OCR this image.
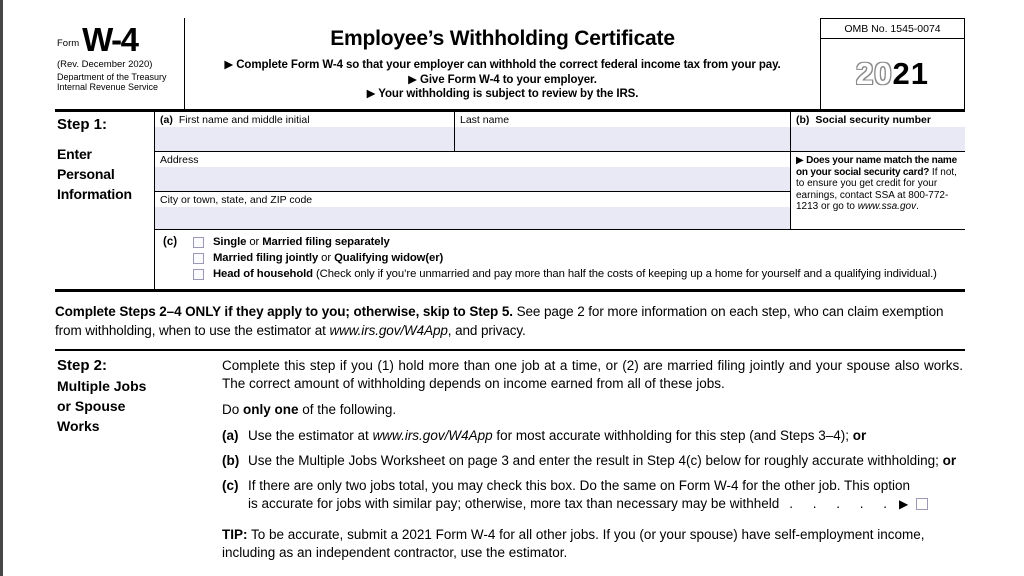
Form W-4
(Rev. December 2020)
Department of the Treasury
Internal Revenue Service
Employee’s Withholding Certificate
▶ Complete Form W-4 so that your employer can withhold the correct federal income tax from your pay.
▶ Give Form W-4 to your employer.
▶ Your withholding is subject to review by the IRS.
OMB No. 1545-0074
20 21
Step 1:
Enter
Personal
Information
(a) First name and middle initial	Last name	(b) Social security number
Address
City or town, state, and ZIP code
▶ Does your name match the name on your social security card? If not, to ensure you get credit for your earnings, contact SSA at 800-772-1213 or go to www.ssa.gov.
(c)	Single or Married filing separately
Married filing jointly or Qualifying widow(er)
Head of household (Check only if you’re unmarried and pay more than half the costs of keeping up a home for yourself and a qualifying individual.)
Complete Steps 2–4 ONLY if they apply to you; otherwise, skip to Step 5. See page 2 for more information on each step, who can claim exemption from withholding, when to use the estimator at www.irs.gov/W4App, and privacy.
Step 2:
Multiple Jobs
or Spouse
Works
Complete this step if you (1) hold more than one job at a time, or (2) are married filing jointly and your spouse also works. The correct amount of withholding depends on income earned from all of these jobs.
Do only one of the following.
(a) Use the estimator at www.irs.gov/W4App for most accurate withholding for this step (and Steps 3–4); or
(b) Use the Multiple Jobs Worksheet on page 3 and enter the result in Step 4(c) below for roughly accurate withholding; or
(c) If there are only two jobs total, you may check this box. Do the same on Form W-4 for the other job. This option
is accurate for jobs with similar pay; otherwise, more tax than necessary may be withheld . . . . . ▶
TIP: To be accurate, submit a 2021 Form W-4 for all other jobs. If you (or your spouse) have self-employment income, including as an independent contractor, use the estimator.
